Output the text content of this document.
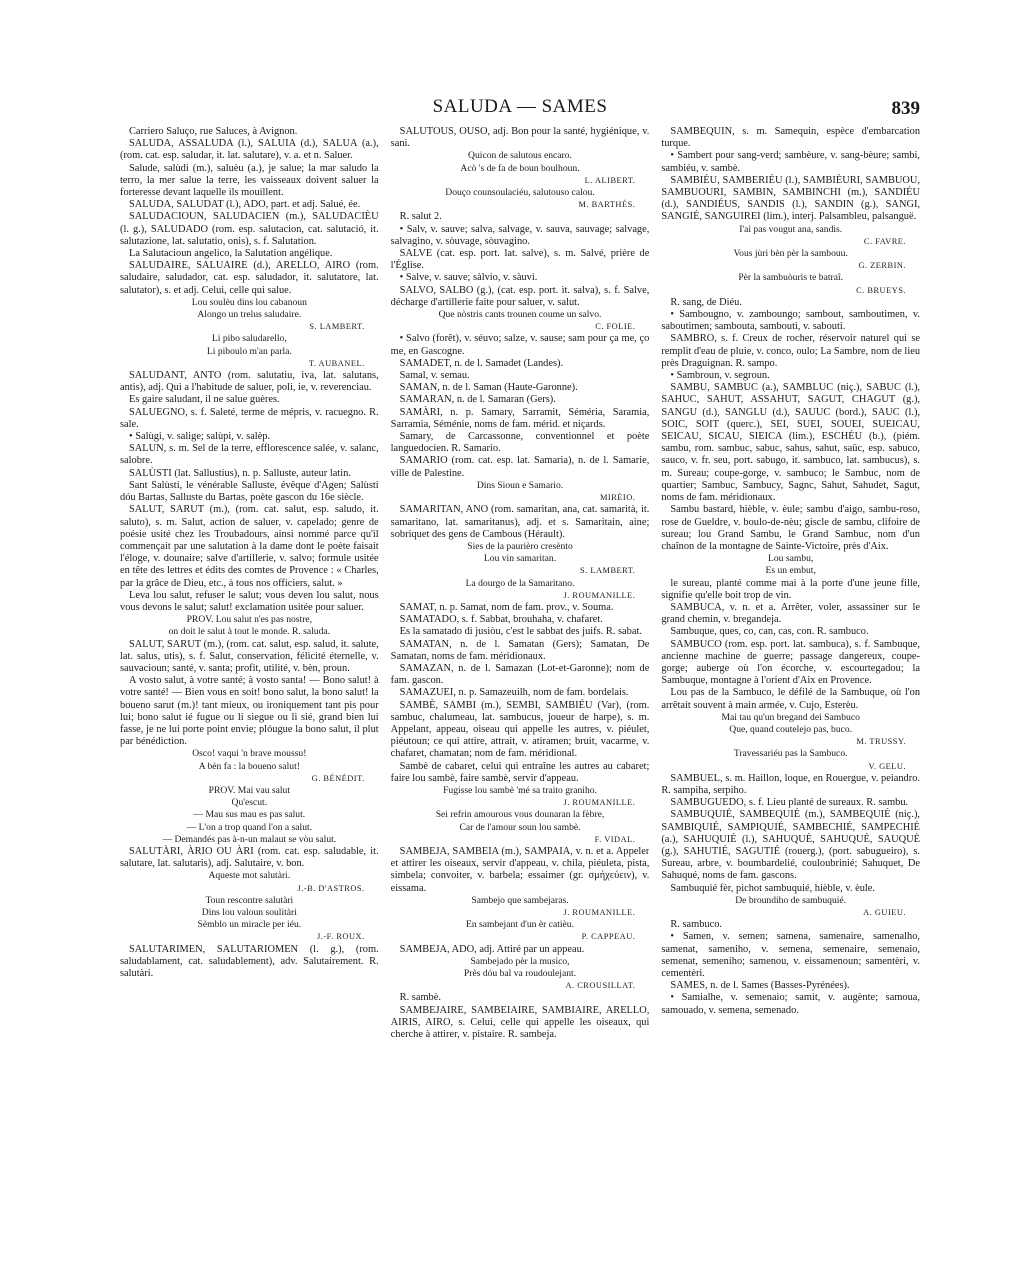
SALUDA — SAMES	839

Carriero Saluço, rue Saluces, à Avignon.

SALUDA, ASSALUDA (l.), SALUIA (d.), SALUA (a.), (rom. cat. esp. saludar, it. lat. salutare), v. a. et n. Saluer.

Salude, salùdi (m.), saluèu (a.), je salue; la mar saludo la terro, la mer salue la terre, les vaisseaux doivent saluer la forteresse devant laquelle ils mouillent.

SALUDA, SALUDAT (l.), ADO, part. et adj. Salué, ée.

SALUDACIOUN, SALUDACIEN (m.), SALUDACIÈU (l. g.), SALUDADO (rom. esp. salutacion, cat. salutació, it. salutazione, lat. salutatio, onis), s. f. Salutation.

La Salutacioun angelico, la Salutation angélique.

SALUDAIRE, SALUAIRE (d.), ARELLO, AIRO (rom. saludaire, saludador, cat. esp. saludador, it. salutatore, lat. salutator), s. et adj. Celui, celle qui salue.

Lou soulèu dins lou cabanoun

Alongo un trelus saludaire.

S. LAMBERT.

Li pibo saludarello,

Li piboulo m'an parla.

T. AUBANEL.

SALUDANT, ANTO (rom. salutatiu, iva, lat. salutans, antis), adj. Qui a l'habitude de saluer, poli, ie, v. reverenciau.

Es gaire saludant, il ne salue guères.

SALUEGNO, s. f. Saleté, terme de mépris, v. racuegno. R. sale.

• Salùgi, v. salige; salùpi, v. salèp.

SALUN, s. m. Sel de la terre, efflorescence salée, v. salanc, salobre.

SALÙSTI (lat. Sallustius), n. p. Salluste, auteur latin.

Sant Salùsti, le vénérable Salluste, évêque d'Agen; Salùsti dóu Bartas, Salluste du Bartas, poète gascon du 16e siècle.

SALUT, SARUT (m.), (rom. cat. salut, esp. saludo, it. saluto), s. m. Salut, action de saluer, v. capelado; genre de poésie usité chez les Troubadours, ainsi nommé parce qu'il commençait par une salutation à la dame dont le poète faisait l'éloge, v. dounaire; salve d'artillerie, v. salvo; formule usitée en tête des lettres et édits des comtes de Provence : « Charles, par la grâce de Dieu, etc., à tous nos officiers, salut. »

Leva lou salut, refuser le salut; vous deven lou salut, nous vous devons le salut; salut! exclamation usitée pour saluer.

PROV. Lou salut n'es pas nostre,

on doit le salut à tout le monde. R. saluda.

SALUT, SARUT (m.), (rom. cat. salut, esp. salud, it. salute, lat. salus, utis), s. f. Salut, conservation, félicité éternelle, v. sauvacioun; santé, v. santa; profit, utilité, v. bèn, proun.

A vosto salut, à votre santé; à vosto santa! — Bono salut! à votre santé! — Bien vous en soit! bono salut, la bono salut! la boueno sarut (m.)! tant mieux, ou ironiquement tant pis pour lui; bono salut ié fugue ou li siegue ou li sié, grand bien lui fasse, je ne lui porte point envie; plóugue la bono salut, il plut par bénédiction.

Osco! vaqui 'n brave moussu!

A bèn fa : la boueno salut!

G. BÉNÉDIT.

PROV. Mai vau salut

Qu'escut.

— Mau sus mau es pas salut.

— L'on a trop quand l'on a salut.

— Demandés pas à-n-un malaut se vòu salut.

SALUTÀRI, ÀRIO OU ÀRI (rom. cat. esp. saludable, it. salutare, lat. salutaris), adj. Salutaire, v. bon.

Aqueste mot salutàri.

J.-B. D'ASTROS.

Toun rescontre salutàri

Dins lou valoun soulitàri

Sèmblo un miracle per iéu.

J.-F. ROUX.

SALUTARIMEN, SALUTARIOMEN (l. g.), (rom. saludablament, cat. saludablement), adv. Salutairement. R. salutàri.

SALUTOUS, OUSO, adj. Bon pour la santé, hygiénique, v. sani.

Quicon de salutous encaro.

Acò 's de fa de boun boulhoun.

L. ALIBERT.

Douço counsoulaciéu, salutouso calou.

M. BARTHÉS.

R. salut 2.

• Salv, v. sauve; salva, salvage, v. sauva, sauvage; salvage, salvagino, v. sòuvage, sòuvagino.

SALVE (cat. esp. port. lat. salve), s. m. Salvé, prière de l'Église.

• Salve, v. sauve; sàlvio, v. sàuvi.

SALVO, SALBO (g.), (cat. esp. port. it. salva), s. f. Salve, décharge d'artillerie faite pour saluer, v. salut.

Que nòstris cants trounen coume un salvo.

C. FOLIE.

• Salvo (forêt), v. séuvo; salze, v. sause; sam pour ça me, ço me, en Gascogne.

SAMADET, n. de l. Samadet (Landes).

Samal, v. semau.

SAMAN, n. de l. Saman (Haute-Garonne).

SAMARAN, n. de l. Samaran (Gers).

SAMÀRI, n. p. Samary, Sarramit, Séméria, Saramia, Sarramia, Séménie, noms de fam. mérid. et niçards.

Samary, de Carcassonne, conventionnel et poète languedocien. R. Samario.

SAMARIO (rom. cat. esp. lat. Samaria), n. de l. Samarie, ville de Palestine.

Dins Sioun e Samario.

MIRÈIO.

SAMARITAN, ANO (rom. samaritan, ana, cat. samarità, it. samaritano, lat. samaritanus), adj. et s. Samaritain, aine; sobriquet des gens de Cambous (Hérault).

Sies de la paurièro cresènto

Lou vin samaritan.

S. LAMBERT.

La dourgo de la Samaritano.

J. ROUMANILLE.

SAMAT, n. p. Samat, nom de fam. prov., v. Souma.

SAMATADO, s. f. Sabbat, brouhaha, v. chafaret.

Es la samatado di jusiòu, c'est le sabbat des juifs. R. sabat.

SAMATAN, n. de l. Samatan (Gers); Samatan, De Samatan, noms de fam. méridionaux.

SAMAZAN, n. de l. Samazan (Lot-et-Garonne); nom de fam. gascon.

SAMAZUEI, n. p. Samazeuilh, nom de fam. bordelais.

SAMBÈ, SAMBI (m.), SEMBI, SAMBIÉU (Var), (rom. sambuc, chalumeau, lat. sambucus, joueur de harpe), s. m. Appelant, appeau, oiseau qui appelle les autres, v. piéulet, piéutoun; ce qui attire, attrait, v. atiramen; bruit, vacarme, v. chafaret, chamatan; nom de fam. méridional.

Sambè de cabaret, celui qui entraîne les autres au cabaret; faire lou sambè, faire sambè, servir d'appeau.

Fugisse lou sambè 'mé sa traito graniho.

J. ROUMANILLE.

Sei refrin amourous vous dounaran la fèbre,

Car de l'amour soun lou sambè.

F. VIDAL.

SAMBEJA, SAMBEIA (m.), SAMPAIA, v. n. et a. Appeler et attirer les oiseaux, servir d'appeau, v. chila, piéuleta, pista, simbela; convoiter, v. barbela; essaimer (gr. σμήχεύειν), v. eissama.

Sambejo que sambejaras.

J. ROUMANILLE.

En sambejant d'un èr catièu.

P. CAPPEAU.

SAMBEJA, ADO, adj. Attiré par un appeau.

Sambejado pèr la musico,

Près dóu bal va roudoulejant.

A. CROUSILLAT.

R. sambè.

SAMBEJAIRE, SAMBEIAIRE, SAMBIAIRE, ARELLO, AIRIS, AIRO, s. Celui, celle qui appelle les oiseaux, qui cherche à attirer, v. pistaire. R. sambeja.

SAMBEQUIN, s. m. Samequin, espèce d'embarcation turque.

• Sambert pour sang-verd; sambèure, v. sang-bèure; sambi, sambiéu, v. sambè.

SAMBIÉU, SAMBERIÉU (l.), SAMBIÈURI, SAMBUOU, SAMBUOURI, SAMBIN, SAMBINCHI (m.), SANDIÉU (d.), SANDIÉUS, SANDIS (l.), SANDIN (g.), SANGI, SANGIÉ, SANGUIREI (lim.), interj. Palsambleu, palsanguë.

I'ai pas vougut ana, sandis.

C. FAVRE.

Vous jùri bèn pèr la sambouu.

G. ZERBIN.

Pèr la sambuòuris te batraî.

C. BRUEYS.

R. sang, de Diéu.

• Sambougno, v. zamboungo; sambout, samboutimen, v. saboutimen; sambouta, samboutì, v. sabouti.

SAMBRO, s. f. Creux de rocher, réservoir naturel qui se remplit d'eau de pluie, v. conco, oulo; La Sambre, nom de lieu près Draguignan. R. sampo.

• Sambroun, v. segroun.

SAMBU, SAMBUC (a.), SAMBLUC (niç.), SABUC (l.), SAHUC, SAHUT, ASSAHUT, SAGUT, CHAGUT (g.), SANGU (d.), SANGLU (d.), SAUUC (bord.), SAUC (l.), SOIC, SOIT (querc.), SEI, SUEI, SOUEI, SUEICAU, SEICAU, SICAU, SIEICA (lim.), ESCHÉU (b.), (piém. sambu, rom. sambuc, sabuc, sahus, sahut, saüc, esp. sabuco, sauco, v. fr. seu, port. sabugo, it. sambuco, lat. sambucus), s. m. Sureau; coupe-gorge, v. sambuco; le Sambuc, nom de quartier; Sambuc, Sambucy, Sagnc, Sahut, Sahudet, Sagut, noms de fam. méridionaux.

Sambu bastard, hièble, v. èule; sambu d'aigo, sambu-roso, rose de Gueldre, v. boulo-de-nèu; giscle de sambu, clifoire de sureau; lou Grand Sambu, le Grand Sambuc, nom d'un chaînon de la montagne de Sainte-Victoire, près d'Aix.

Lou sambu,

Es un embut,

le sureau, planté comme mai à la porte d'une jeune fille, signifie qu'elle boit trop de vin.

SAMBUCA, v. n. et a. Arrêter, voler, assassiner sur le grand chemin, v. bregandeja.

Sambuque, ques, co, can, cas, con. R. sambuco.

SAMBUCO (rom. esp. port. lat. sambuca), s. f. Sambuque, ancienne machine de guerre; passage dangereux, coupe-gorge; auberge où l'on écorche, v. escourtegadou; la Sambuque, montagne à l'orient d'Aix en Provence.

Lou pas de la Sambuco, le défilé de la Sambuque, où l'on arrêtait souvent à main armée, v. Cujo, Esterèu.

Mai tau qu'un bregand dei Sambuco

Que, quand coutelejo pas, buco.

M. TRUSSY.

Travessariéu pas la Sambuco.

V. GELU.

SAMBUEL, s. m. Haillon, loque, en Rouergue, v. peiandro. R. sampiha, serpiho.

SAMBUGUEDO, s. f. Lieu planté de sureaux. R. sambu.

SAMBUQUIÉ, SAMBEQUIÉ (m.), SAMBEQUIÉ (niç.), SAMBIQUIÉ, SAMPIQUIÉ, SAMBECHIÉ, SAMPECHIÉ (a.), SAHUQUIÉ (l.), SAHUQUÈ, SAHUQUÈ, SAUQUÈ (g.), SAHUTIÉ, SAGUTIÉ (rouerg.), (port. sabugueiro), s. Sureau, arbre, v. boumbardelié, couloubrinié; Sahuquet, De Sahuqué, noms de fam. gascons.

Sambuquié fèr, pichot sambuquié, hièble, v. èule.

De broundiho de sambuquié.

A. GUIEU.

R. sambuco.

• Samen, v. semen; samena, samenaire, samenalho, samenat, sameniho, v. semena, semenaire, semenaio, semenat, semeniho; samenou, v. eissamenoun; samentèri, v. cementèri.

SAMES, n. de l. Sames (Basses-Pyrénées).

• Samialhe, v. semenaio; samit, v. augènte; samoua, samouado, v. semena, semenado.
